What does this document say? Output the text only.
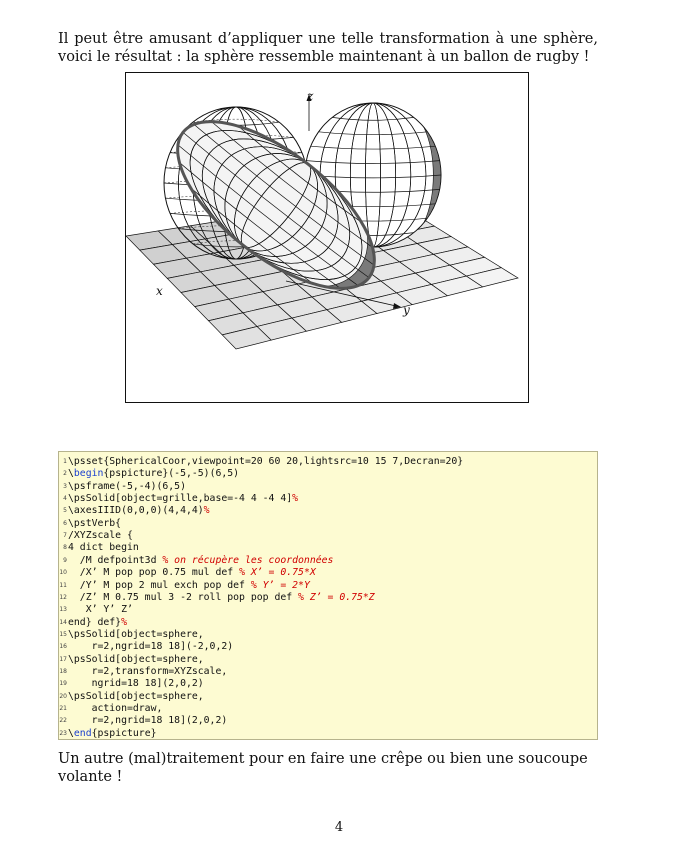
Il peut être amusant d’appliquer une telle transformation à une sphère, voici le résultat : la sphère ressemble maintenant à un ballon de rugby !

z
x
y
1 \psset{SphericalCoor,viewpoint=20 60 20,lightsrc=10 15 7,Decran=20}
2 \begin{pspicture}(-5,-5)(6,5)
3 \psframe(-5,-4)(6,5)
4 \psSolid[object=grille,base=-4 4 -4 4]%
5 \axesIIID(0,0,0)(4,4,4)%
6 \pstVerb{
7 /XYZscale {
8 4 dict begin
9 /M defpoint3d % on récupère les coordonnées
10 /X’ M pop pop 0.75 mul def % X’ = 0.75*X
11 /Y’ M pop 2 mul exch pop def % Y’ = 2*Y
12 /Z’ M 0.75 mul 3 -2 roll pop pop def % Z’ = 0.75*Z
13 X’ Y’ Z’
14 end} def}%
15 \psSolid[object=sphere,
16 r=2,ngrid=18 18](-2,0,2)
17 \psSolid[object=sphere,
18 r=2,transform=XYZscale,
19 ngrid=18 18](2,0,2)
20 \psSolid[object=sphere,
21 action=draw,
22 r=2,ngrid=18 18](2,0,2)
23 \end{pspicture}

Un autre (mal)traitement pour en faire une crêpe ou bien une soucoupe volante !

4
